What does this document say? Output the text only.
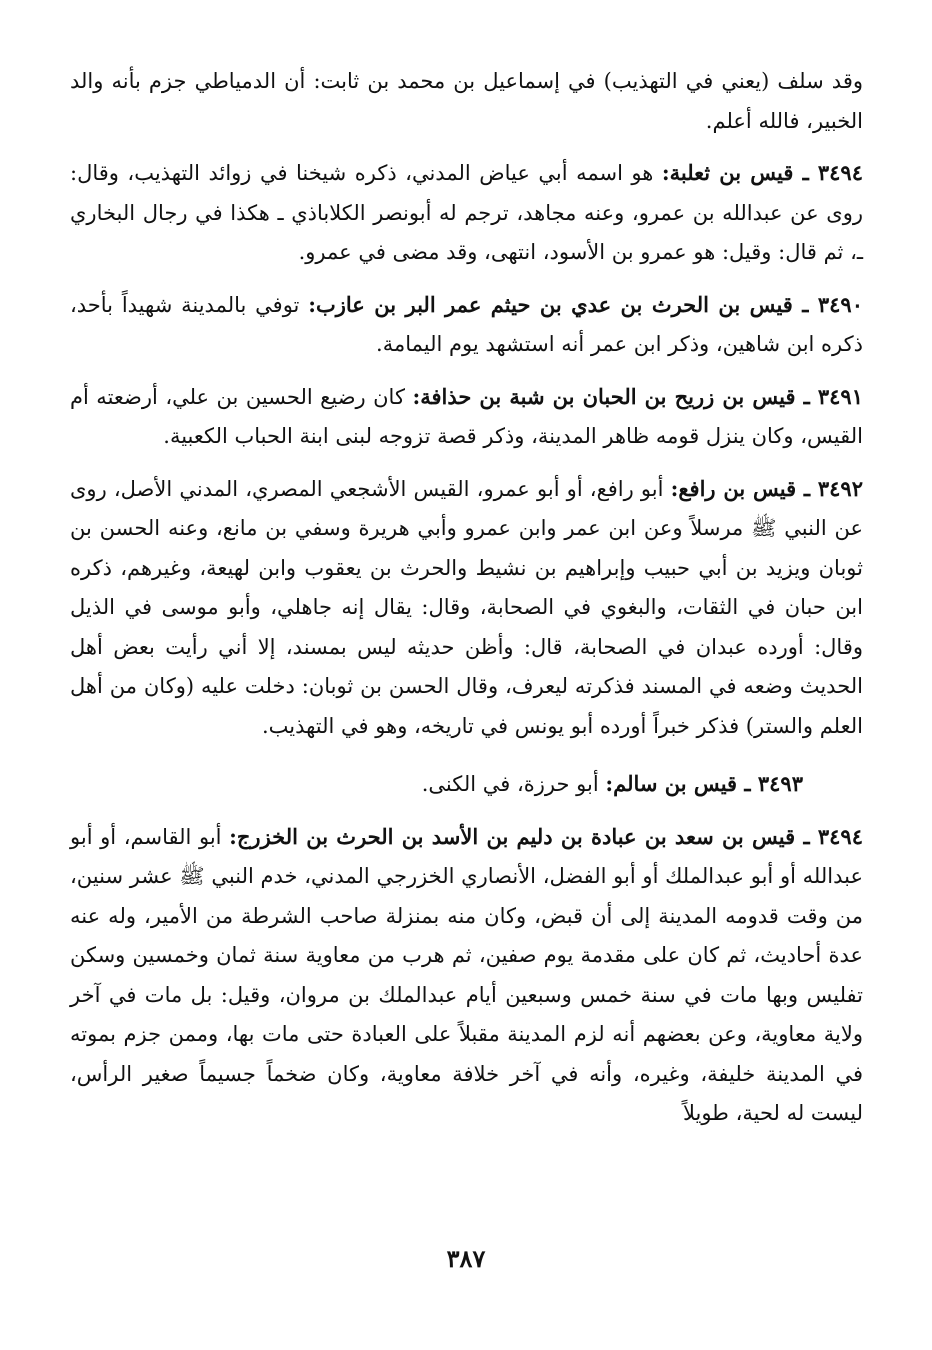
وقد سلف (يعني في التهذيب) في إسماعيل بن محمد بن ثابت: أن الدمياطي جزم بأنه والد الخبير، فالله أعلم.

٣٤٩٤ ـ قيس بن ثعلبة: هو اسمه أبي عياض المدني، ذكره شيخنا في زوائد التهذيب، وقال: روى عن عبدالله بن عمرو، وعنه مجاهد، ترجم له أبونصر الكلاباذي ـ هكذا في رجال البخاري ـ، ثم قال: وقيل: هو عمرو بن الأسود، انتهى، وقد مضى في عمرو.

٣٤٩٠ ـ قيس بن الحرث بن عدي بن حيثم عمر البر بن عازب: توفي بالمدينة شهيداً بأحد، ذكره ابن شاهين، وذكر ابن عمر أنه استشهد يوم اليمامة.

٣٤٩١ ـ قيس بن زريح بن الحبان بن شبة بن حذافة: كان رضيع الحسين بن علي، أرضعته أم القيس، وكان ينزل قومه ظاهر المدينة، وذكر قصة تزوجه لبنى ابنة الحباب الكعبية.

٣٤٩٢ ـ قيس بن رافع: أبو رافع، أو أبو عمرو، القيس الأشجعي المصري، المدني الأصل، روى عن النبي ﷺ مرسلاً وعن ابن عمر وابن عمرو وأبي هريرة وسفي بن مانع، وعنه الحسن بن ثوبان ويزيد بن أبي حبيب وإبراهيم بن نشيط والحرث بن يعقوب وابن لهيعة، وغيرهم، ذكره ابن حبان في الثقات، والبغوي في الصحابة، وقال: يقال إنه جاهلي، وأبو موسى في الذيل وقال: أورده عبدان في الصحابة، قال: وأظن حديثه ليس بمسند، إلا أني رأيت بعض أهل الحديث وضعه في المسند فذكرته ليعرف، وقال الحسن بن ثوبان: دخلت عليه (وكان من أهل العلم والستر) فذكر خبراً أورده أبو يونس في تاريخه، وهو في التهذيب.

٣٤٩٣ ـ قيس بن سالم: أبو حرزة، في الكنى.

٣٤٩٤ ـ قيس بن سعد بن عبادة بن دليم بن الأسد بن الحرث بن الخزرج: أبو القاسم، أو أبو عبدالله أو أبو عبدالملك أو أبو الفضل، الأنصاري الخزرجي المدني، خدم النبي ﷺ عشر سنين، من وقت قدومه المدينة إلى أن قبض، وكان منه بمنزلة صاحب الشرطة من الأمير، وله عنه عدة أحاديث، ثم كان على مقدمة يوم صفين، ثم هرب من معاوية سنة ثمان وخمسين وسكن تفليس وبها مات في سنة خمس وسبعين أيام عبدالملك بن مروان، وقيل: بل مات في آخر ولاية معاوية، وعن بعضهم أنه لزم المدينة مقبلاً على العبادة حتى مات بها، وممن جزم بموته في المدينة خليفة، وغيره، وأنه في آخر خلافة معاوية، وكان ضخماً جسيماً صغير الرأس، ليست له لحية، طويلاً

٣٨٧
